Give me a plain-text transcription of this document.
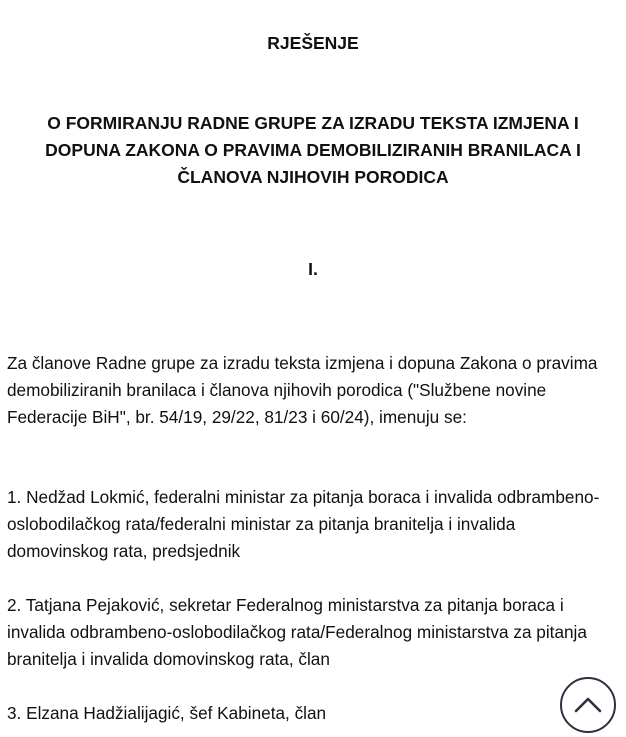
RJEŠENJE
O FORMIRANJU RADNE GRUPE ZA IZRADU TEKSTA IZMJENA I DOPUNA ZAKONA O PRAVIMA DEMOBILIZIRANIH BRANILACA I ČLANOVA NJIHOVIH PORODICA
I.

Za članove Radne grupe za izradu teksta izmjena i dopuna Zakona o pravima demobiliziranih branilaca i članova njihovih porodica ("Službene novine Federacije BiH", br. 54/19, 29/22, 81/23 i 60/24), imenuju se:

1. Nedžad Lokmić, federalni ministar za pitanja boraca i invalida odbrambeno-oslobodilačkog rata/federalni ministar za pitanja branitelja i invalida domovinskog rata, predsjednik

2. Tatjana Pejaković, sekretar Federalnog ministarstva za pitanja boraca i invalida odbrambeno-oslobodilačkog rata/Federalnog ministarstva za pitanja branitelja i invalida domovinskog rata, član

3. Elzana Hadžialijagić, šef Kabineta, član
